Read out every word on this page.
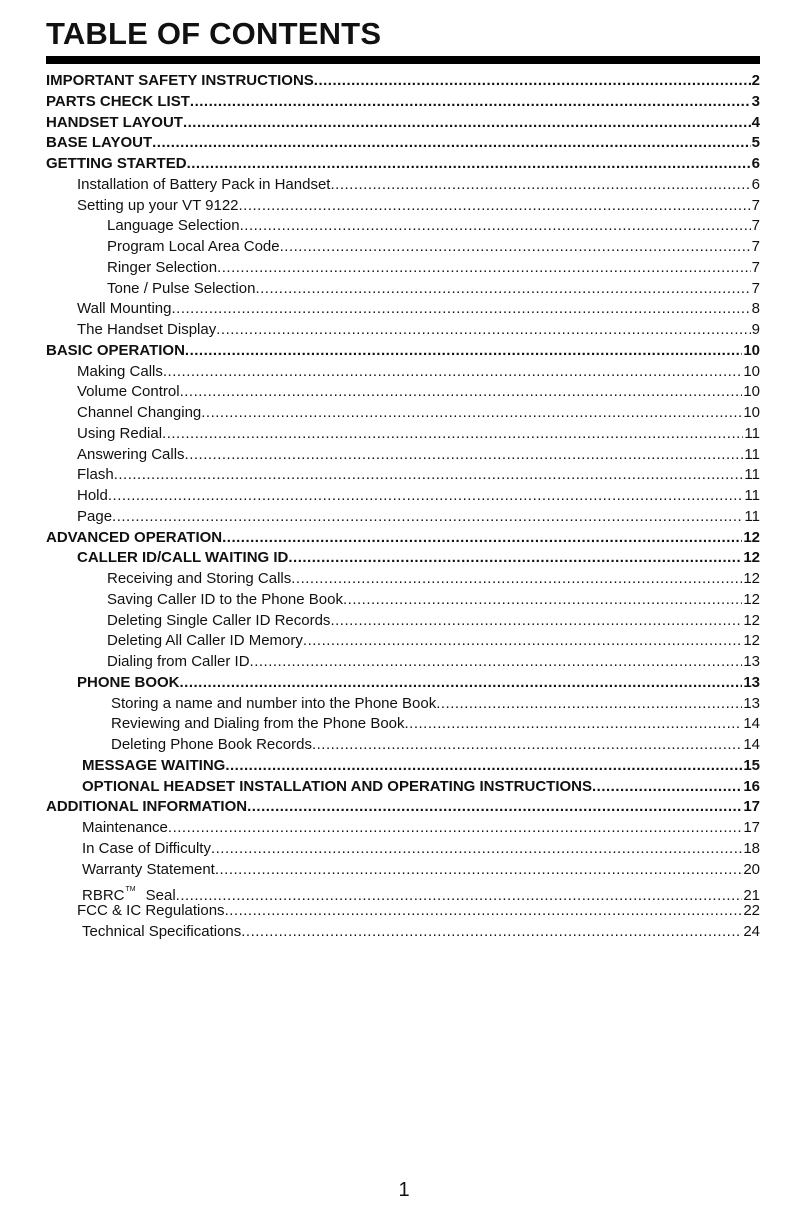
TABLE OF CONTENTS
IMPORTANT SAFETY INSTRUCTIONS .....	2
PARTS CHECK LIST .....	3
HANDSET LAYOUT .....	4
BASE LAYOUT .....	5
GETTING STARTED .....	6
Installation of Battery Pack in Handset .....	6
Setting up your VT 9122 .....	7
Language Selection .....	7
Program Local Area Code .....	7
Ringer Selection .....	7
Tone / Pulse Selection .....	7
Wall Mounting .....	8
The Handset Display .....	9
BASIC OPERATION .....	10
Making Calls .....	10
Volume Control .....	10
Channel Changing .....	10
Using Redial .....	11
Answering Calls .....	11
Flash .....	11
Hold .....	11
Page .....	11
ADVANCED OPERATION .....	12
CALLER ID/CALL WAITING ID .....	12
Receiving and Storing Calls .....	12
Saving Caller ID to the Phone Book .....	12
Deleting Single Caller ID Records .....	12
Deleting All Caller ID Memory .....	12
Dialing from Caller ID .....	13
PHONE BOOK .....	13
Storing a name and number into the Phone Book .....	13
Reviewing and Dialing from the Phone Book .....	14
Deleting Phone Book Records .....	14
MESSAGE WAITING .....	15
OPTIONAL HEADSET INSTALLATION AND OPERATING INSTRUCTIONS .....	16
ADDITIONAL INFORMATION .....	17
Maintenance .....	17
In Case of Difficulty .....	18
Warranty Statement .....	20
RBRC™ Seal .....	21
FCC & IC Regulations .....	22
Technical Specifications .....	24
1
